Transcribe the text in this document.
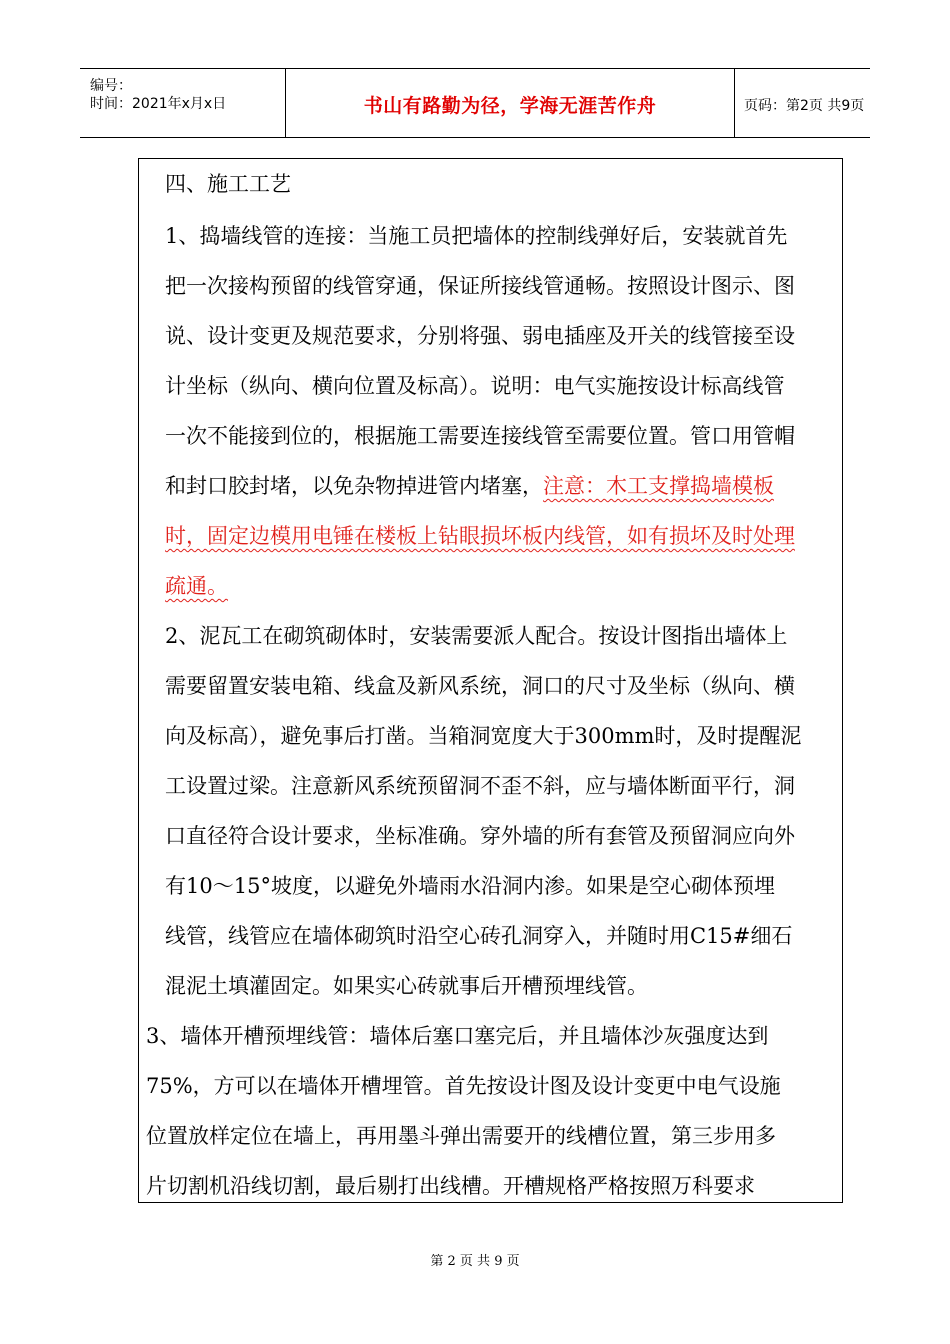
编号：
时间：2021年x月x日	书山有路勤为径，学海无涯苦作舟	页码：第2页 共9页
四、施工工艺
1、捣墙线管的连接：当施工员把墙体的控制线弹好后，安装就首先
把一次接构预留的线管穿通，保证所接线管通畅。按照设计图示、图
说、设计变更及规范要求，分别将强、弱电插座及开关的线管接至设
计坐标（纵向、横向位置及标高）。说明：电气实施按设计标高线管
一次不能接到位的，根据施工需要连接线管至需要位置。管口用管帽
和封口胶封堵，以免杂物掉进管内堵塞，注意：木工支撑捣墙模板
时，固定边模用电锤在楼板上钻眼损坏板内线管，如有损坏及时处理
疏通。
2、泥瓦工在砌筑砌体时，安装需要派人配合。按设计图指出墙体上
需要留置安装电箱、线盒及新风系统，洞口的尺寸及坐标（纵向、横
向及标高），避免事后打凿。当箱洞宽度大于300mm时，及时提醒泥
工设置过梁。注意新风系统预留洞不歪不斜，应与墙体断面平行，洞
口直径符合设计要求，坐标准确。穿外墙的所有套管及预留洞应向外
有10～15°坡度，以避免外墙雨水沿洞内渗。如果是空心砌体预埋
线管，线管应在墙体砌筑时沿空心砖孔洞穿入，并随时用C15#细石
混泥土填灌固定。如果实心砖就事后开槽预埋线管。
3、墙体开槽预埋线管：墙体后塞口塞完后，并且墙体沙灰强度达到
75%，方可以在墙体开槽埋管。首先按设计图及设计变更中电气设施
位置放样定位在墙上，再用墨斗弹出需要开的线槽位置，第三步用多
片切割机沿线切割，最后剔打出线槽。开槽规格严格按照万科要求
第 2 页 共 9 页
